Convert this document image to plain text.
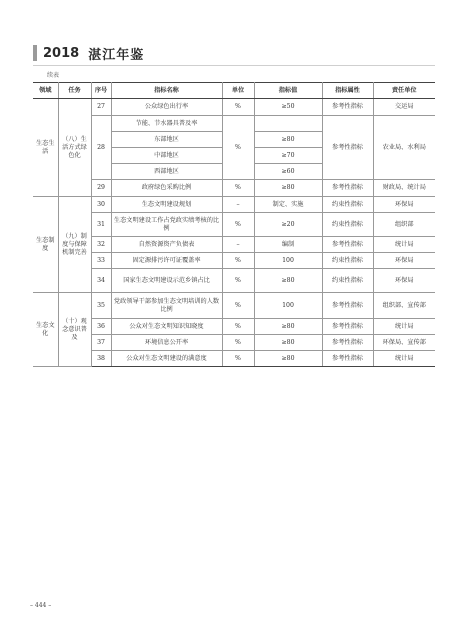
2018 湛江年鉴
续表
领域	任务	序号	指标名称	单位	指标值	指标属性	责任单位
生态生活	（八）生活方式绿色化	27	公众绿色出行率	%	≥50	参考性指标	交运局
		28	节能、节水器具普及率	%		参考性指标	农业局、水利局
			东部地区		≥80		
			中部地区		≥70		
			西部地区		≥60		
		29	政府绿色采购比例	%	≥80	参考性指标	财政局、统计局
生态制度	（九）制度与保障机制完善	30	生态文明建设规划	–	制定、实施	约束性指标	环保局
		31	生态文明建设工作占党政实绩考核的比例	%	≥20	约束性指标	组织部
		32	自然资源资产负债表	–	编制	参考性指标	统计局
		33	固定源排污许可证覆盖率	%	100	约束性指标	环保局
		34	国家生态文明建设示范乡镇占比	%	≥80	约束性指标	环保局
生态文化	（十）观念意识普及	35	党政领导干部参加生态文明培训的人数比例	%	100	参考性指标	组织部、宣传部
		36	公众对生态文明知识知晓度	%	≥80	参考性指标	统计局
		37	环境信息公开率	%	≥80	参考性指标	环保局、宣传部
		38	公众对生态文明建设的满意度	%	≥80	参考性指标	统计局
– 444 –
